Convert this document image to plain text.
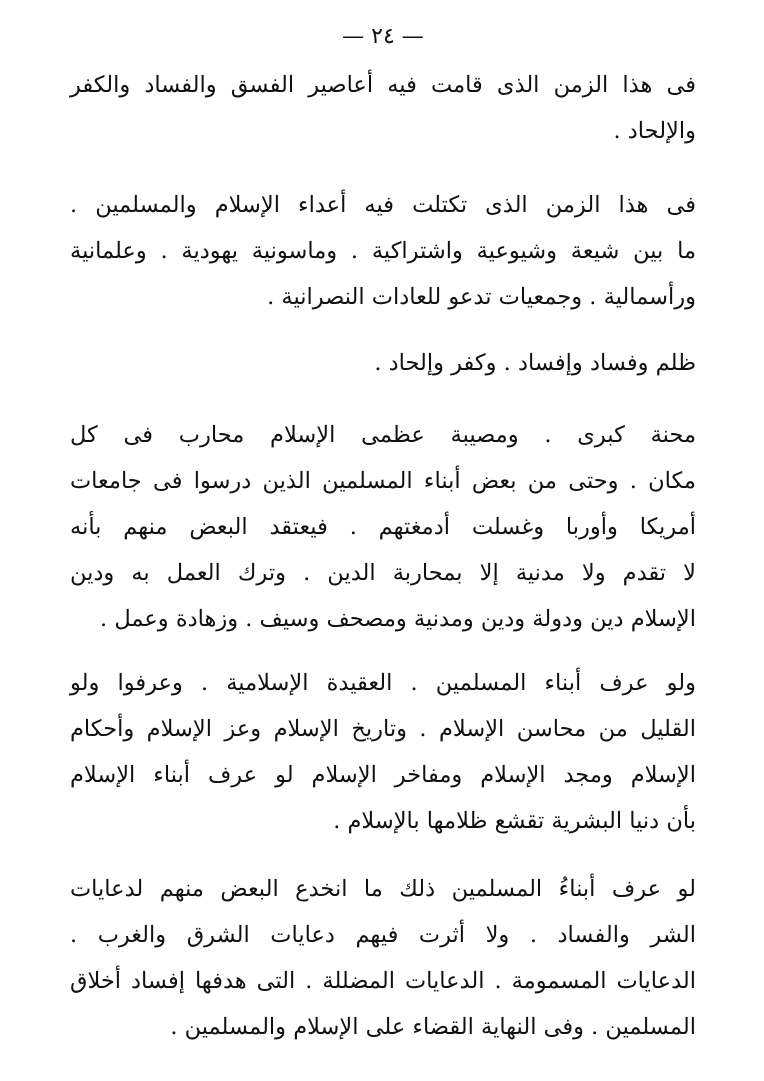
— ٢٤ —
فى هذا الزمن الذى قامت فيه أعاصير الفسق والفساد والكفر
والإلحاد .
فى هذا الزمن الذى تكتلت فيه أعداء الإسلام والمسلمين .
ما بين شيعة وشيوعية واشتراكية . وماسونية يهودية . وعلمانية
ورأسمالية . وجمعيات تدعو للعادات النصرانية .
ظلم وفساد وإفساد . وكفر وإلحاد .
محنة كبرى . ومصيبة عظمى الإسلام محارب فى كل
مكان . وحتى من بعض أبناء المسلمين الذين درسوا فى جامعات
أمريكا وأوربا وغسلت أدمغتهم . فيعتقد البعض منهم بأنه
لا تقدم ولا مدنية إلا بمحاربة الدين . وترك العمل به ودين
الإسلام دين ودولة ودين ومدنية ومصحف وسيف . وزهادة وعمل .
ولو عرف أبناء المسلمين . العقيدة الإسلامية . وعرفوا ولو
القليل من محاسن الإسلام . وتاريخ الإسلام وعز الإسلام وأحكام
الإسلام ومجد الإسلام ومفاخر الإسلام لو عرف أبناء الإسلام
بأن دنيا البشرية تقشع ظلامها بالإسلام .
لو عرف أبناءُ المسلمين ذلك ما انخدع البعض منهم لدعايات
الشر والفساد . ولا أثرت فيهم دعايات الشرق والغرب .
الدعايات المسمومة . الدعايات المضللة . التى هدفها إفساد أخلاق
المسلمين . وفى النهاية القضاء على الإسلام والمسلمين .
